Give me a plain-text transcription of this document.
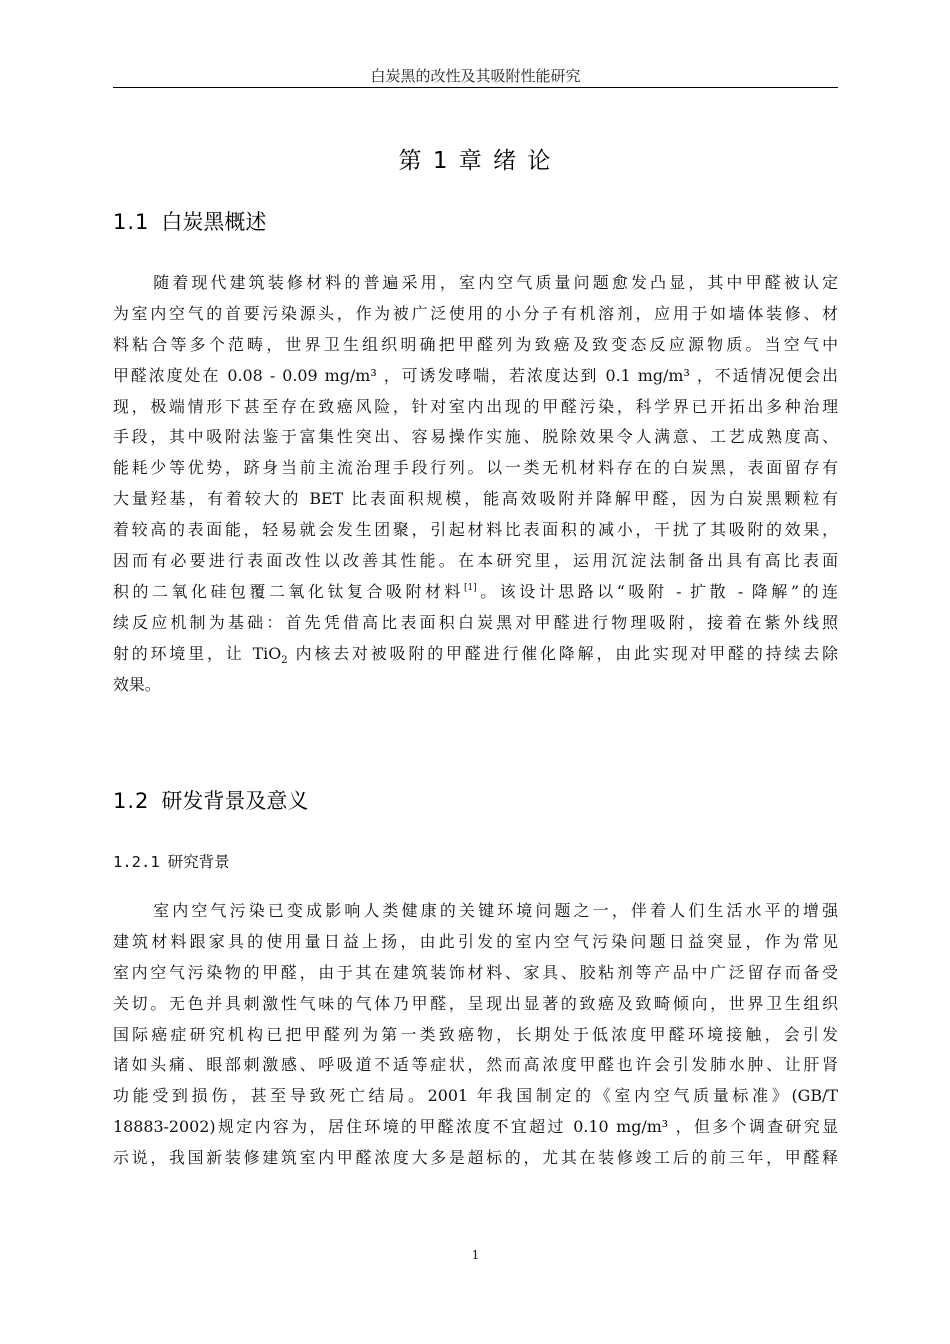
白炭黑的改性及其吸附性能研究
第 1 章 绪 论
1.1 白炭黑概述
随着现代建筑装修材料的普遍采用，室内空气质量问题愈发凸显，其中甲醛被认定
为室内空气的首要污染源头，作为被广泛使用的小分子有机溶剂，应用于如墙体装修、材
料粘合等多个范畴，世界卫生组织明确把甲醛列为致癌及致变态反应源物质。当空气中
甲醛浓度处在 0.08 - 0.09 mg/m³ ，可诱发哮喘，若浓度达到 0.1 mg/m³ ，不适情况便会出
现，极端情形下甚至存在致癌风险，针对室内出现的甲醛污染，科学界已开拓出多种治理
手段，其中吸附法鉴于富集性突出、容易操作实施、脱除效果令人满意、工艺成熟度高、
能耗少等优势，跻身当前主流治理手段行列。以一类无机材料存在的白炭黑，表面留存有
大量羟基，有着较大的 BET 比表面积规模，能高效吸附并降解甲醛，因为白炭黑颗粒有
着较高的表面能，轻易就会发生团聚，引起材料比表面积的减小，干扰了其吸附的效果，
因而有必要进行表面改性以改善其性能。在本研究里，运用沉淀法制备出具有高比表面
积的二氧化硅包覆二氧化钛复合吸附材料[1]。该设计思路以“吸附 - 扩散 - 降解”的连
续反应机制为基础：首先凭借高比表面积白炭黑对甲醛进行物理吸附，接着在紫外线照
射的环境里，让 TiO$_2$ 内核去对被吸附的甲醛进行催化降解，由此实现对甲醛的持续去除
效果。
1.2 研发背景及意义
1.2.1 研究背景
室内空气污染已变成影响人类健康的关键环境问题之一，伴着人们生活水平的增强
建筑材料跟家具的使用量日益上扬，由此引发的室内空气污染问题日益突显，作为常见
室内空气污染物的甲醛，由于其在建筑装饰材料、家具、胶粘剂等产品中广泛留存而备受
关切。无色并具刺激性气味的气体乃甲醛，呈现出显著的致癌及致畸倾向，世界卫生组织
国际癌症研究机构已把甲醛列为第一类致癌物，长期处于低浓度甲醛环境接触，会引发
诸如头痛、眼部刺激感、呼吸道不适等症状，然而高浓度甲醛也许会引发肺水肿、让肝肾
功能受到损伤，甚至导致死亡结局。2001 年我国制定的《室内空气质量标准》(GB/T
18883-2002)规定内容为，居住环境的甲醛浓度不宜超过 0.10 mg/m³ ，但多个调查研究显
示说，我国新装修建筑室内甲醛浓度大多是超标的，尤其在装修竣工后的前三年，甲醛释
1
